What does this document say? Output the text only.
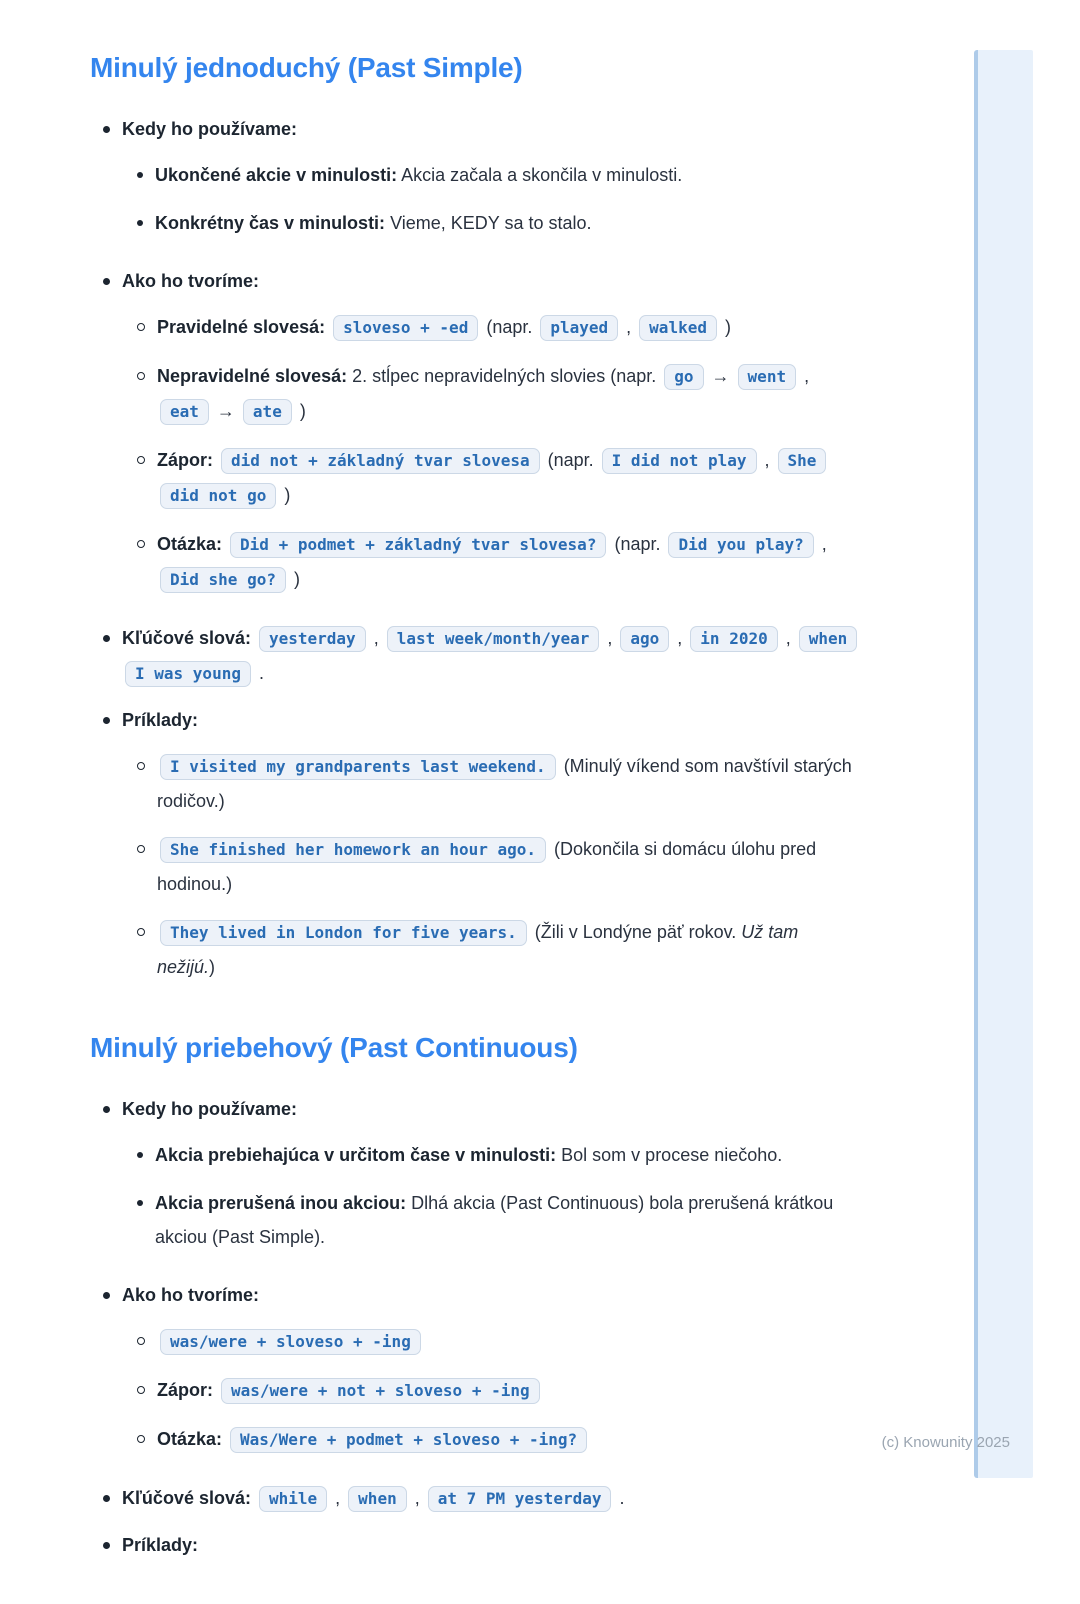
Minulý jednoduchý (Past Simple)
Kedy ho používame:
Ukončené akcie v minulosti: Akcia začala a skončila v minulosti.
Konkrétny čas v minulosti: Vieme, KEDY sa to stalo.
Ako ho tvoríme:
Pravidelné slovesá: sloveso + -ed (napr. played , walked )
Nepravidelné slovesá: 2. stĺpec nepravidelných slovies (napr. go → went , eat → ate )
Zápor: did not + základný tvar slovesa (napr. I did not play , She did not go )
Otázka: Did + podmet + základný tvar slovesa? (napr. Did you play? , Did she go? )
Kľúčové slová: yesterday , last week/month/year , ago , in 2020 , when I was young .
Príklady:
I visited my grandparents last weekend. (Minulý víkend som navštívil starých rodičov.)
She finished her homework an hour ago. (Dokončila si domácu úlohu pred hodinou.)
They lived in London for five years. (Žili v Londýne päť rokov. Už tam nežijú.)
Minulý priebehový (Past Continuous)
Kedy ho používame:
Akcia prebiehajúca v určitom čase v minulosti: Bol som v procese niečoho.
Akcia prerušená inou akciou: Dlhá akcia (Past Continuous) bola prerušená krátkou akciou (Past Simple).
Ako ho tvoríme:
was/were + sloveso + -ing
Zápor: was/were + not + sloveso + -ing
Otázka: Was/Were + podmet + sloveso + -ing?
Kľúčové slová: while , when , at 7 PM yesterday .
Príklady:
(c) Knowunity 2025
